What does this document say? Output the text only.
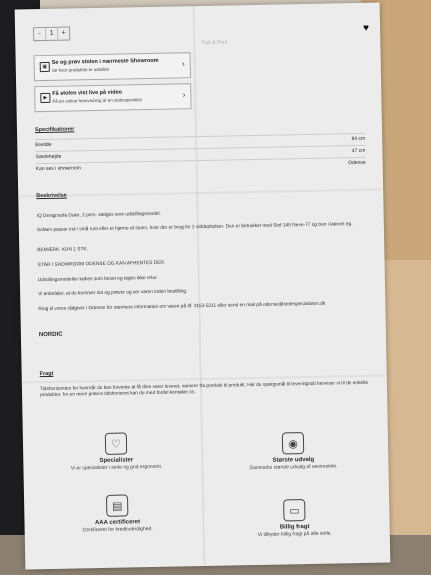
-	1	+
Tryk & Print
♥
▣
Se og prøv stolen i nærmeste Showroom
Se hvor produktet er udstillet
›
▶
Få stolen vist live på video
Få en online fremvisning af en stolespecialist
›
Specifikationer
Bredde
84 cm
Sædehøjde
47 cm
Kan ses i showroom
Odense
Beskrivelse
IQ Designsofa Duke, 2 pers. sælges som udstillingsmodel.
Sofaen passer ind i små rum eller et hjørne af stuen, hvor der er brug for 2 siddepladser. Den er betrukket med Stof 145 Neve-77 og ben i lakeret eg.
BEMÆRK: KUN 1 STK.
STÅR I SHOWROOM ODENSE OG KAN AFHENTES DER.
Udstillingsmodeller købes som beset og tages ikke retur.
Vi anbefaler, at du kommer ind og prøver og ser varen inden bestilling.
Ring til vores rådgiver i Odense for nærmere information om varen på tlf. 3153 5211 eller send en mail på odense@stolespecialisten.dk
NORDIC
Fragt
Tidshorisonten for hvornår du kan forvente at få dine varer leveret, varierer fra produkt til produkt. Har du spørgsmål til leveringstid henviser vi til de enkelte produkter, for en mere præcis tidshorisont kan du med fordel kontakte os.
♡
Specialister
Vi er specialister i stole og god ergonomi.
◉
Største udvalg
Danmarks største udvalg af seniorstole.
▤
AAA certificeret
Certificeret for kreditværdighed.
▭
Billig fragt
Vi tilbyder billig fragt på alle stole.
